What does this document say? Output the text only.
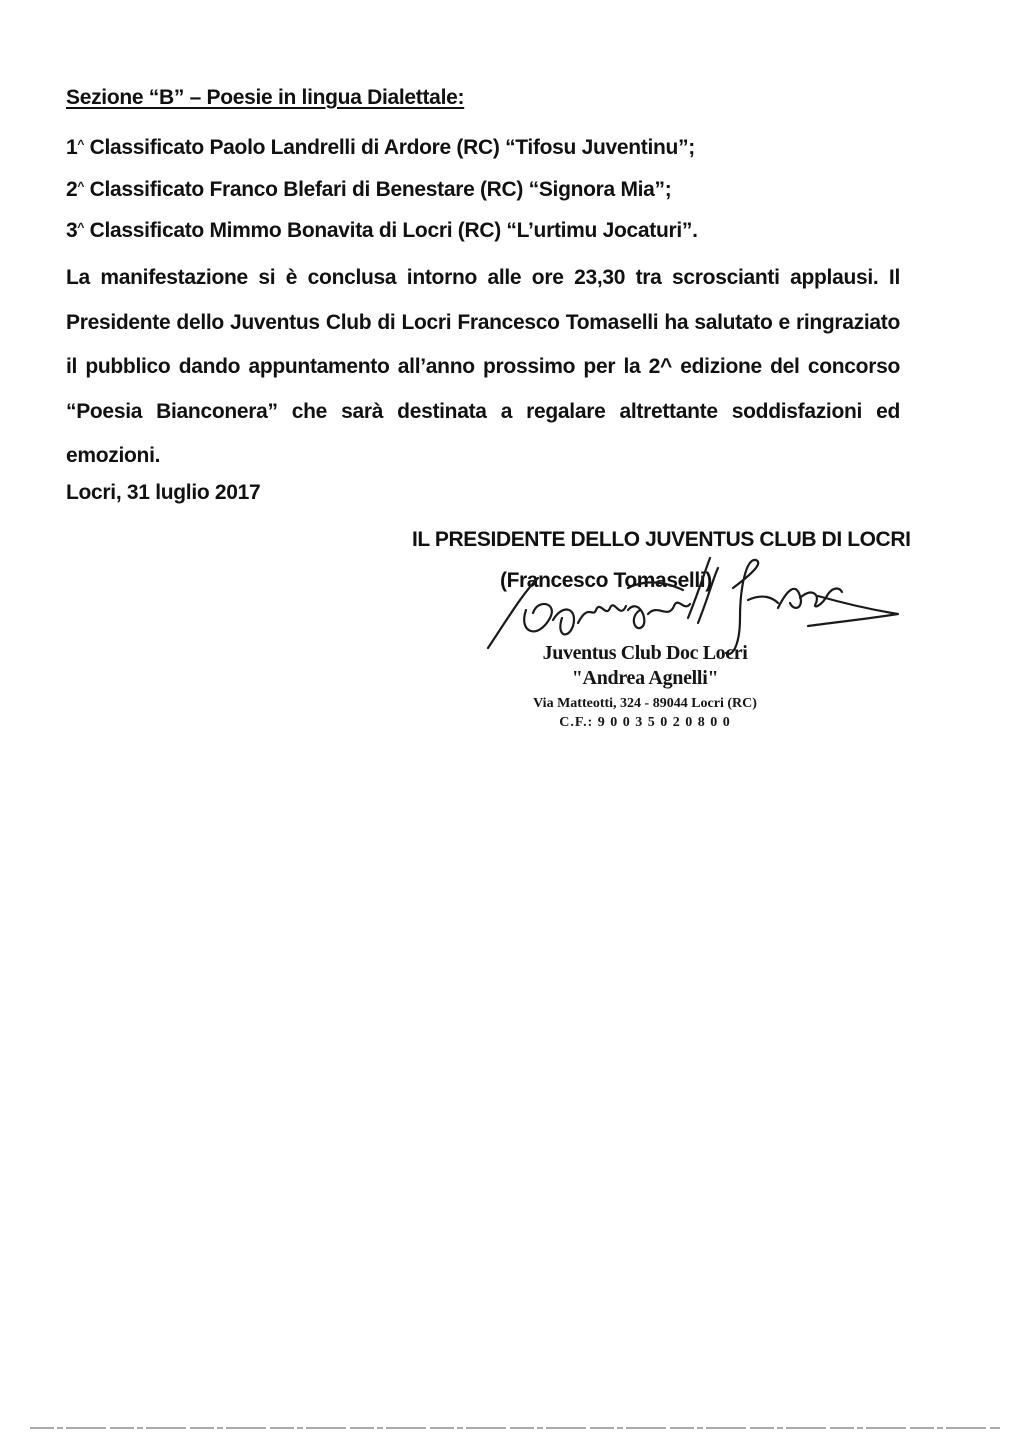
Sezione “B” – Poesie in lingua Dialettale:
1^ Classificato Paolo Landrelli di Ardore (RC) “Tifosu Juventinu”;
2^ Classificato Franco Blefari di Benestare (RC) “Signora Mia”;
3^ Classificato Mimmo Bonavita di Locri (RC) “L’urtimu Jocaturi”.
La manifestazione si è conclusa intorno alle ore 23,30 tra scroscianti applausi. Il Presidente dello Juventus Club di Locri Francesco Tomaselli ha salutato e ringraziato il pubblico dando appuntamento all’anno prossimo per la 2^ edizione del concorso “Poesia Bianconera” che sarà destinata a regalare altrettante soddisfazioni ed emozioni.
Locri, 31 luglio 2017
IL PRESIDENTE DELLO JUVENTUS CLUB DI LOCRI
(Francesco Tomaselli)
Juventus Club Doc Locri
"Andrea Agnelli"
Via Matteotti, 324 - 89044 Locri (RC)
C.F.: 9 0 0 3 5 0 2 0 8 0 0
